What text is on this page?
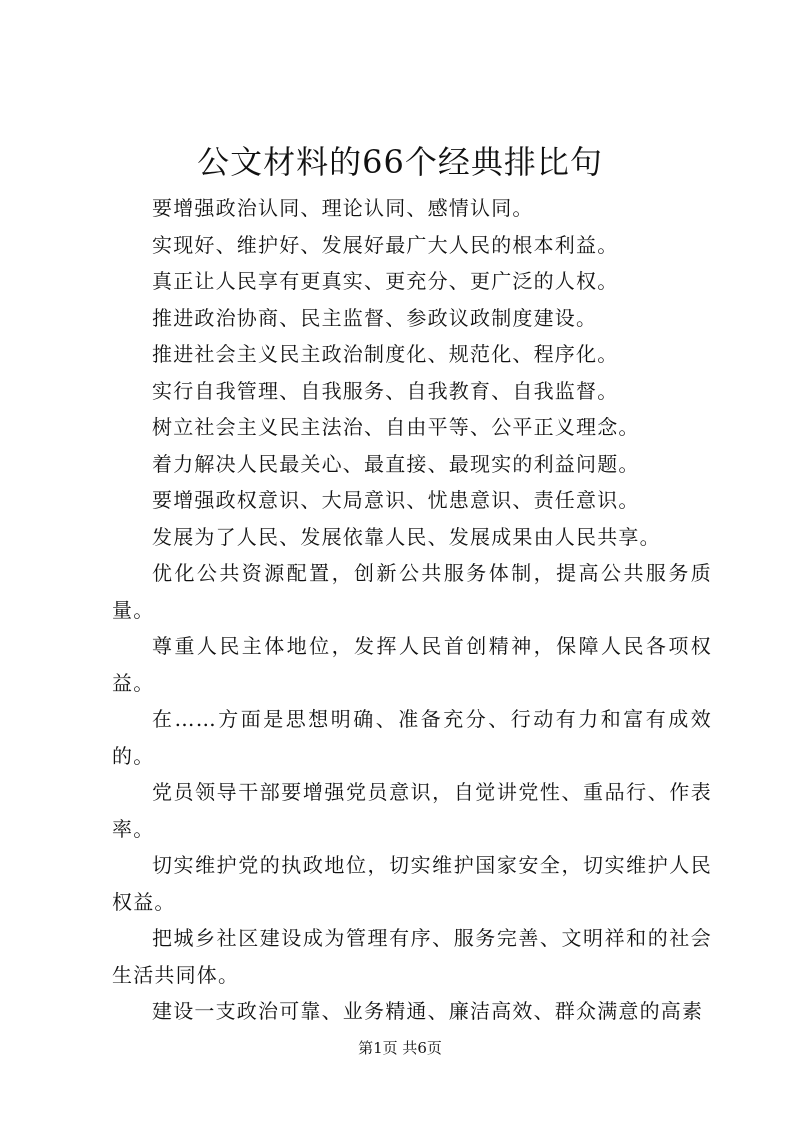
公文材料的66个经典排比句

要增强政治认同、理论认同、感情认同。

实现好、维护好、发展好最广大人民的根本利益。

真正让人民享有更真实、更充分、更广泛的人权。

推进政治协商、民主监督、参政议政制度建设。

推进社会主义民主政治制度化、规范化、程序化。

实行自我管理、自我服务、自我教育、自我监督。

树立社会主义民主法治、自由平等、公平正义理念。

着力解决人民最关心、最直接、最现实的利益问题。

要增强政权意识、大局意识、忧患意识、责任意识。

发展为了人民、发展依靠人民、发展成果由人民共享。

优化公共资源配置，创新公共服务体制，提高公共服务质量。

尊重人民主体地位，发挥人民首创精神，保障人民各项权益。

在……方面是思想明确、准备充分、行动有力和富有成效的。

党员领导干部要增强党员意识，自觉讲党性、重品行、作表率。

切实维护党的执政地位，切实维护国家安全，切实维护人民权益。

把城乡社区建设成为管理有序、服务完善、文明祥和的社会生活共同体。

建设一支政治可靠、业务精通、廉洁高效、群众满意的高素

第1页 共6页
